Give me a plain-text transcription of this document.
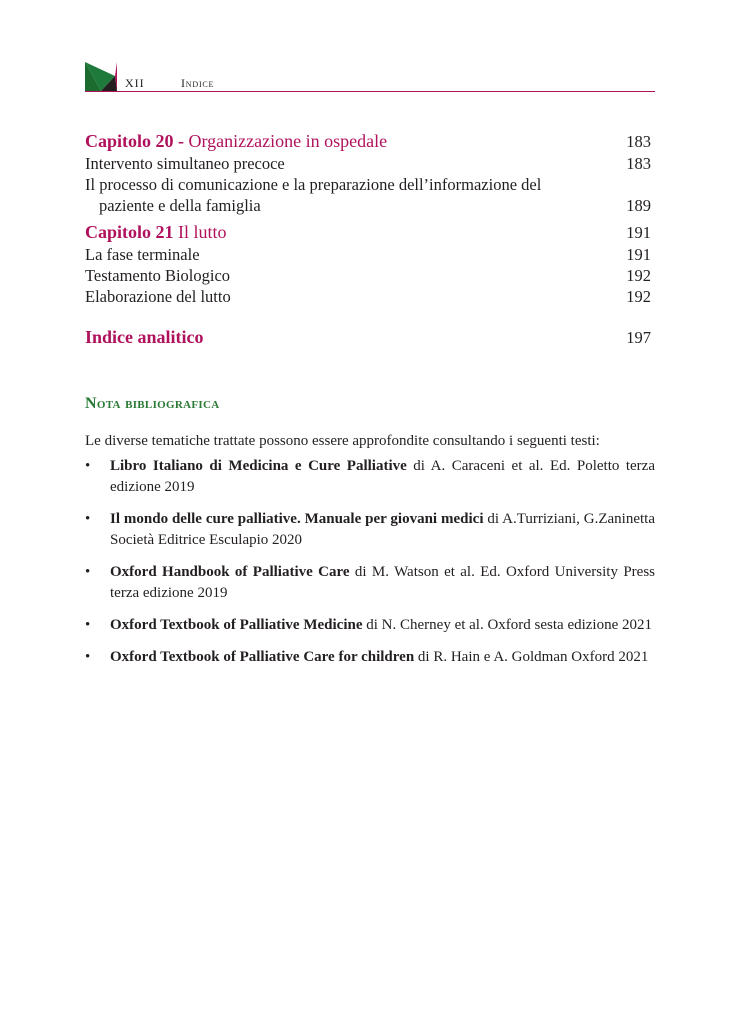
XII	Indice
Capitolo 20 - Organizzazione in ospedale	183
Intervento simultaneo precoce	183
Il processo di comunicazione e la preparazione dell’informazione del
paziente e della famiglia	189
Capitolo 21 Il lutto	191
La fase terminale	191
Testamento Biologico	192
Elaborazione del lutto	192
Indice analitico	197
Nota bibliografica
Le diverse tematiche trattate possono essere approfondite consultando i seguenti testi:
• Libro Italiano di Medicina e Cure Palliative di A. Caraceni et al. Ed. Poletto terza edizione 2019
• Il mondo delle cure palliative. Manuale per giovani medici di A.Turriziani, G.Zaninetta Società Editrice Esculapio 2020
• Oxford Handbook of Palliative Care di M. Watson et al. Ed. Oxford University Press terza edizione 2019
• Oxford Textbook of Palliative Medicine di N. Cherney et al. Oxford sesta edizione 2021
• Oxford Textbook of Palliative Care for children di R. Hain e A. Goldman Oxford 2021
